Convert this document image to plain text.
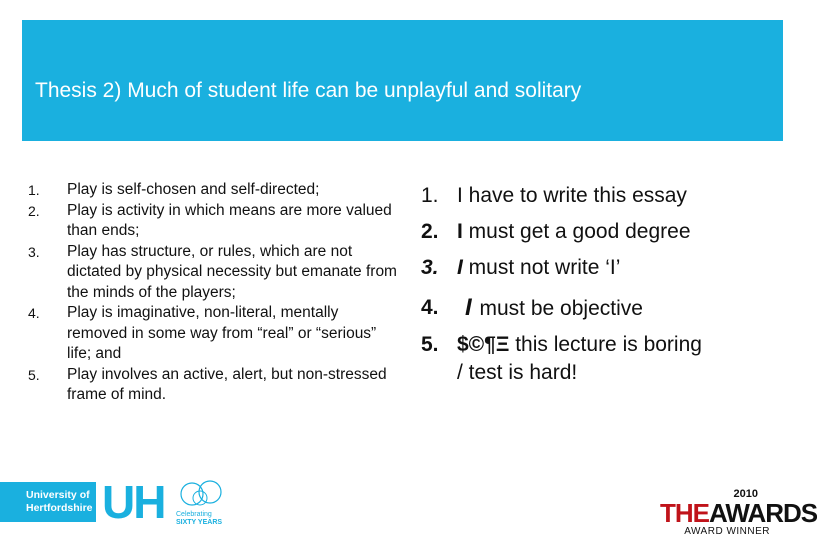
Thesis 2) Much of student life can be unplayful and solitary
1. Play is self-chosen and self-directed;
2. Play is activity in which means are more valued than ends;
3. Play has structure, or rules, which are not dictated by physical necessity but emanate from the minds of the players;
4. Play is imaginative, non-literal, mentally removed in some way from “real” or “serious” life; and
5. Play involves an active, alert, but non-stressed frame of mind.
1. I have to write this essay
2. I must get a good degree
3. I must not write ‘I’
4. I must be objective
5. $©¶Ξ this lecture is boring
/ test is hard!
University of
Hertfordshire UH Celebrating
SIXTY YEARS
2010
THEAWARDS
AWARD WINNER
